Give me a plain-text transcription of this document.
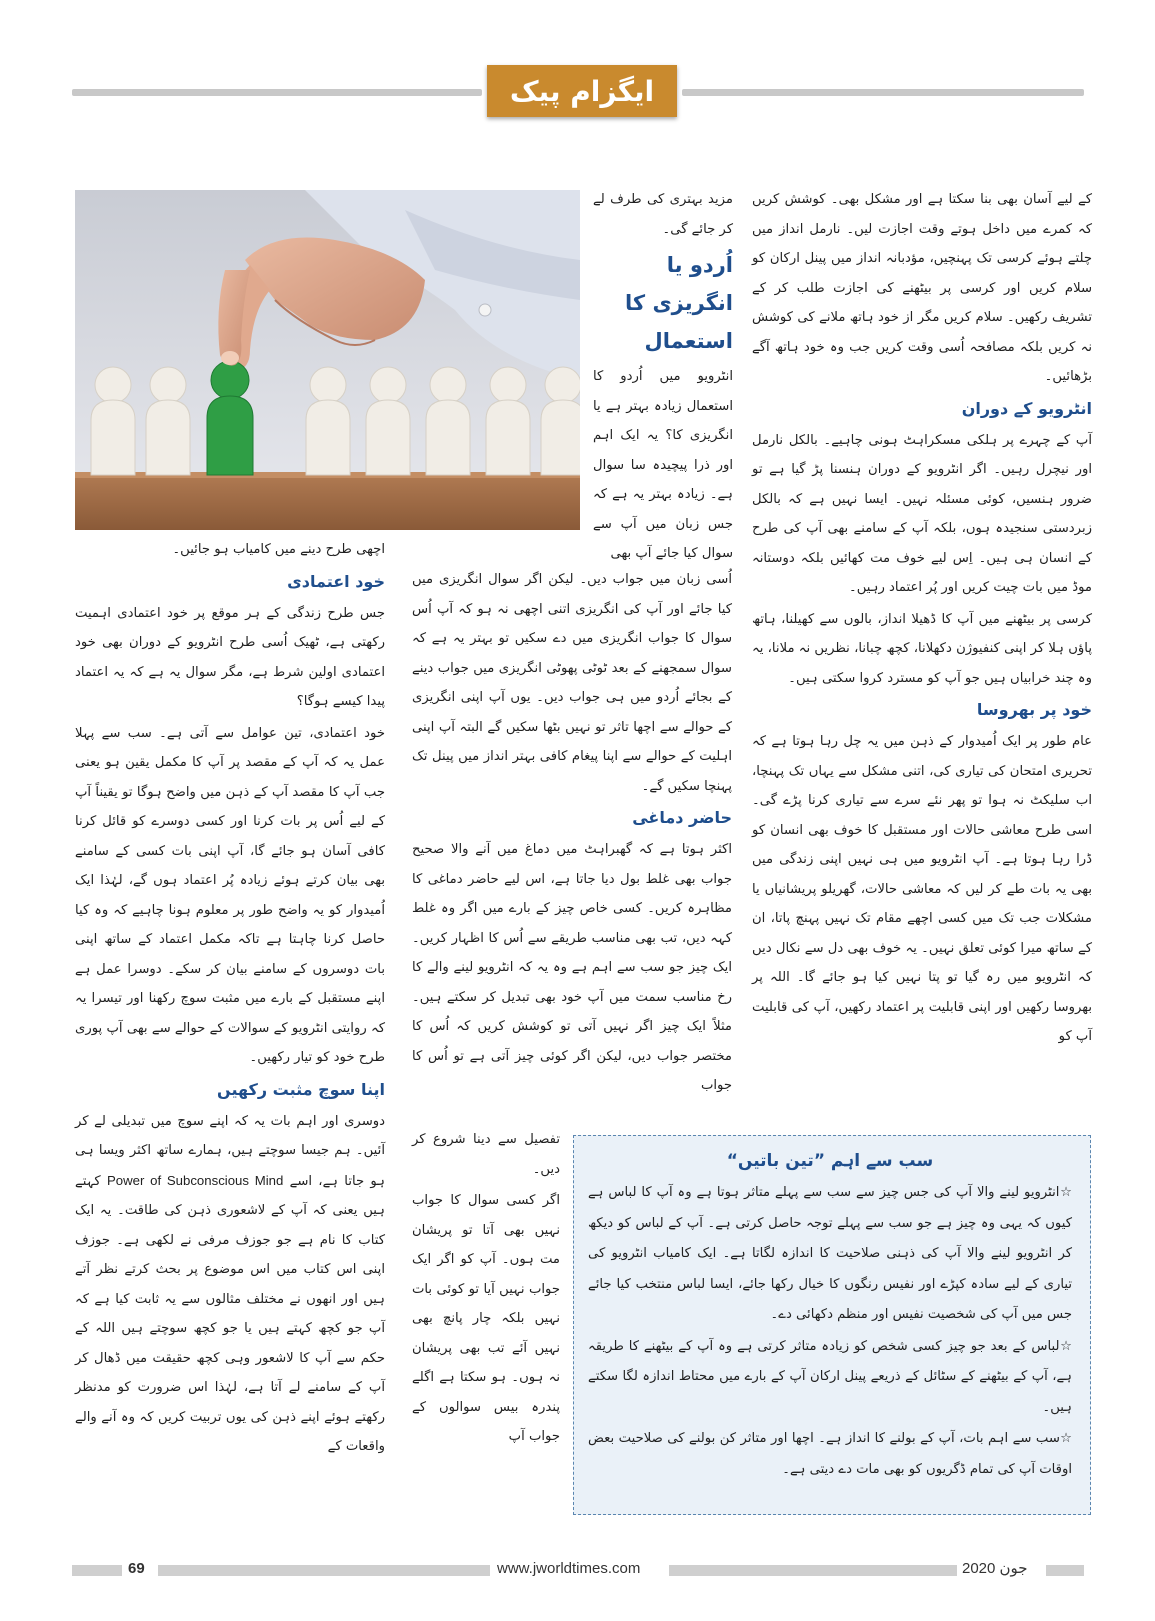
ایگزام پیک

کے لیے آسان بھی بنا سکتا ہے اور مشکل بھی۔ کوشش کریں کہ کمرے میں داخل ہوتے وقت اجازت لیں۔ نارمل انداز میں چلتے ہوئے کرسی تک پہنچیں، مؤدبانہ انداز میں پینل ارکان کو سلام کریں اور کرسی پر بیٹھنے کی اجازت طلب کر کے تشریف رکھیں۔ سلام کریں مگر از خود ہاتھ ملانے کی کوشش نہ کریں بلکہ مصافحہ اُسی وقت کریں جب وہ خود ہاتھ آگے بڑھائیں۔

انٹرویو کے دوران

آپ کے چہرے پر ہلکی مسکراہٹ ہونی چاہیے۔ بالکل نارمل اور نیچرل رہیں۔ اگر انٹرویو کے دوران ہنسنا پڑ گیا ہے تو ضرور ہنسیں، کوئی مسئلہ نہیں۔ ایسا نہیں ہے کہ بالکل زبردستی سنجیدہ ہوں، بلکہ آپ کے سامنے بھی آپ کی طرح کے انسان ہی ہیں۔ اِس لیے خوف مت کھائیں بلکہ دوستانہ موڈ میں بات چیت کریں اور پُر اعتماد رہیں۔

کرسی پر بیٹھنے میں آپ کا ڈھیلا انداز، بالوں سے کھیلنا، ہاتھ پاؤں ہلا کر اپنی کنفیوژن دکھلانا، کچھ چبانا، نظریں نہ ملانا، یہ وہ چند خرابیاں ہیں جو آپ کو مسترد کروا سکتی ہیں۔

خود پر بھروسا

عام طور پر ایک اُمیدوار کے ذہن میں یہ چل رہا ہوتا ہے کہ تحریری امتحان کی تیاری کی، اتنی مشکل سے یہاں تک پہنچا، اب سلیکٹ نہ ہوا تو پھر نئے سرے سے تیاری کرنا پڑے گی۔ اسی طرح معاشی حالات اور مستقبل کا خوف بھی انسان کو ڈرا رہا ہوتا ہے۔ آپ انٹرویو میں ہی نہیں اپنی زندگی میں بھی یہ بات طے کر لیں کہ معاشی حالات، گھریلو پریشانیاں یا مشکلات جب تک میں کسی اچھے مقام تک نہیں پہنچ پاتا، ان کے ساتھ میرا کوئی تعلق نہیں۔ یہ خوف بھی دل سے نکال دیں کہ انٹرویو میں رہ گیا تو پتا نہیں کیا ہو جائے گا۔ اللہ پر بھروسا رکھیں اور اپنی قابلیت پر اعتماد رکھیں، آپ کی قابلیت آپ کو

مزید بہتری کی طرف لے کر جائے گی۔

اُردو یا انگریزی کا استعمال

انٹرویو میں اُردو کا استعمال زیادہ بہتر ہے یا انگریزی کا؟ یہ ایک اہم اور ذرا پیچیدہ سا سوال ہے۔ زیادہ بہتر یہ ہے کہ جس زبان میں آپ سے سوال کیا جائے آپ بھی

اُسی زبان میں جواب دیں۔ لیکن اگر سوال انگریزی میں کیا جائے اور آپ کی انگریزی اتنی اچھی نہ ہو کہ آپ اُس سوال کا جواب انگریزی میں دے سکیں تو بہتر یہ ہے کہ سوال سمجھنے کے بعد ٹوٹی پھوٹی انگریزی میں جواب دینے کے بجائے اُردو میں ہی جواب دیں۔ یوں آپ اپنی انگریزی کے حوالے سے اچھا تاثر تو نہیں بٹھا سکیں گے البتہ آپ اپنی اہلیت کے حوالے سے اپنا پیغام کافی بہتر انداز میں پینل تک پہنچا سکیں گے۔

حاضر دماغی

اکثر ہوتا ہے کہ گھبراہٹ میں دماغ میں آنے والا صحیح جواب بھی غلط بول دیا جاتا ہے، اس لیے حاضر دماغی کا مظاہرہ کریں۔ کسی خاص چیز کے بارے میں اگر وہ غلط کہہ دیں، تب بھی مناسب طریقے سے اُس کا اظہار کریں۔ ایک چیز جو سب سے اہم ہے وہ یہ کہ انٹرویو لینے والے کا رخ مناسب سمت میں آپ خود بھی تبدیل کر سکتے ہیں۔ مثلاً ایک چیز اگر نہیں آتی تو کوشش کریں کہ اُس کا مختصر جواب دیں، لیکن اگر کوئی چیز آتی ہے تو اُس کا جواب

تفصیل سے دینا شروع کر دیں۔

اگر کسی سوال کا جواب نہیں بھی آتا تو پریشان مت ہوں۔ آپ کو اگر ایک جواب نہیں آیا تو کوئی بات نہیں بلکہ چار پانچ بھی نہیں آئے تب بھی پریشان نہ ہوں۔ ہو سکتا ہے اگلے پندرہ بیس سوالوں کے جواب آپ

اچھی طرح دینے میں کامیاب ہو جائیں۔

خود اعتمادی

جس طرح زندگی کے ہر موقع پر خود اعتمادی اہمیت رکھتی ہے، ٹھیک اُسی طرح انٹرویو کے دوران بھی خود اعتمادی اولین شرط ہے، مگر سوال یہ ہے کہ یہ اعتماد پیدا کیسے ہوگا؟

خود اعتمادی، تین عوامل سے آتی ہے۔ سب سے پہلا عمل یہ کہ آپ کے مقصد پر آپ کا مکمل یقین ہو یعنی جب آپ کا مقصد آپ کے ذہن میں واضح ہوگا تو یقیناً آپ کے لیے اُس پر بات کرنا اور کسی دوسرے کو قائل کرنا کافی آسان ہو جائے گا، آپ اپنی بات کسی کے سامنے بھی بیان کرتے ہوئے زیادہ پُر اعتماد ہوں گے، لہٰذا ایک اُمیدوار کو یہ واضح طور پر معلوم ہونا چاہیے کہ وہ کیا حاصل کرنا چاہتا ہے تاکہ مکمل اعتماد کے ساتھ اپنی بات دوسروں کے سامنے بیان کر سکے۔ دوسرا عمل ہے اپنے مستقبل کے بارے میں مثبت سوچ رکھنا اور تیسرا یہ کہ روایتی انٹرویو کے سوالات کے حوالے سے بھی آپ پوری طرح خود کو تیار رکھیں۔

اپنا سوچ مثبت رکھیں

دوسری اور اہم بات یہ کہ اپنے سوچ میں تبدیلی لے کر آئیں۔ ہم جیسا سوچتے ہیں، ہمارے ساتھ اکثر ویسا ہی ہو جاتا ہے، اسے Power of Subconscious Mind کہتے ہیں یعنی کہ آپ کے لاشعوری ذہن کی طاقت۔ یہ ایک کتاب کا نام ہے جو جوزف مرفی نے لکھی ہے۔ جوزف اپنی اس کتاب میں اس موضوع پر بحث کرتے نظر آتے ہیں اور انھوں نے مختلف مثالوں سے یہ ثابت کیا ہے کہ آپ جو کچھ کہتے ہیں یا جو کچھ سوچتے ہیں اللہ کے حکم سے آپ کا لاشعور وہی کچھ حقیقت میں ڈھال کر آپ کے سامنے لے آتا ہے، لہٰذا اس ضرورت کو مدنظر رکھتے ہوئے اپنے ذہن کی یوں تربیت کریں کہ وہ آنے والے واقعات کے

سب سے اہم ”تین باتیں“

☆انٹرویو لینے والا آپ کی جس چیز سے سب سے پہلے متاثر ہوتا ہے وہ آپ کا لباس ہے کیوں کہ یہی وہ چیز ہے جو سب سے پہلے توجہ حاصل کرتی ہے۔ آپ کے لباس کو دیکھ کر انٹرویو لینے والا آپ کی ذہنی صلاحیت کا اندازہ لگاتا ہے۔ ایک کامیاب انٹرویو کی تیاری کے لیے سادہ کپڑے اور نفیس رنگوں کا خیال رکھا جائے، ایسا لباس منتخب کیا جائے جس میں آپ کی شخصیت نفیس اور منظم دکھائی دے۔

☆لباس کے بعد جو چیز کسی شخص کو زیادہ متاثر کرتی ہے وہ آپ کے بیٹھنے کا طریقہ ہے، آپ کے بیٹھنے کے سٹائل کے ذریعے پینل ارکان آپ کے بارے میں محتاط اندازہ لگا سکتے ہیں۔

☆سب سے اہم بات، آپ کے بولنے کا انداز ہے۔ اچھا اور متاثر کن بولنے کی صلاحیت بعض اوقات آپ کی تمام ڈگریوں کو بھی مات دے دیتی ہے۔

69	www.jworldtimes.com	جون 2020
